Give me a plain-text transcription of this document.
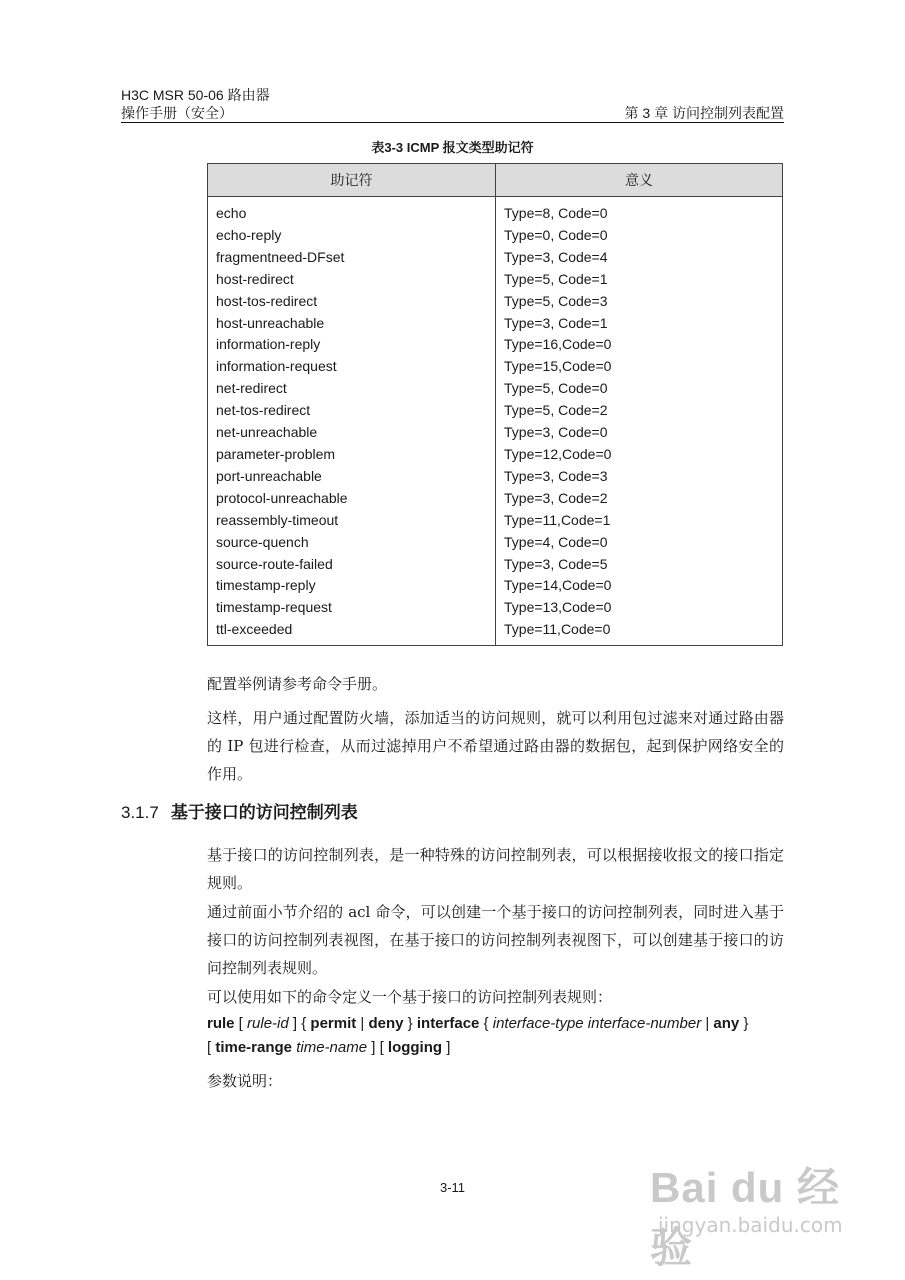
H3C MSR 50-06 路由器
操作手册（安全）	第 3 章 访问控制列表配置
表3-3 ICMP 报文类型助记符
助记符	意义
echo	Type=8, Code=0
echo-reply	Type=0, Code=0
fragmentneed-DFset	Type=3, Code=4
host-redirect	Type=5, Code=1
host-tos-redirect	Type=5, Code=3
host-unreachable	Type=3, Code=1
information-reply	Type=16,Code=0
information-request	Type=15,Code=0
net-redirect	Type=5, Code=0
net-tos-redirect	Type=5, Code=2
net-unreachable	Type=3, Code=0
parameter-problem	Type=12,Code=0
port-unreachable	Type=3, Code=3
protocol-unreachable	Type=3, Code=2
reassembly-timeout	Type=11,Code=1
source-quench	Type=4, Code=0
source-route-failed	Type=3, Code=5
timestamp-reply	Type=14,Code=0
timestamp-request	Type=13,Code=0
ttl-exceeded	Type=11,Code=0
配置举例请参考命令手册。
这样，用户通过配置防火墙，添加适当的访问规则，就可以利用包过滤来对通过路由器的 IP 包进行检查，从而过滤掉用户不希望通过路由器的数据包，起到保护网络安全的作用。
3.1.7 基于接口的访问控制列表
基于接口的访问控制列表，是一种特殊的访问控制列表，可以根据接收报文的接口指定规则。
通过前面小节介绍的 acl 命令，可以创建一个基于接口的访问控制列表，同时进入基于接口的访问控制列表视图，在基于接口的访问控制列表视图下，可以创建基于接口的访问控制列表规则。
可以使用如下的命令定义一个基于接口的访问控制列表规则：
rule [ rule-id ] { permit | deny } interface { interface-type interface-number | any }
[ time-range time-name ] [ logging ]
参数说明：
3-11	Bai du 经验
jingyan.baidu.com
